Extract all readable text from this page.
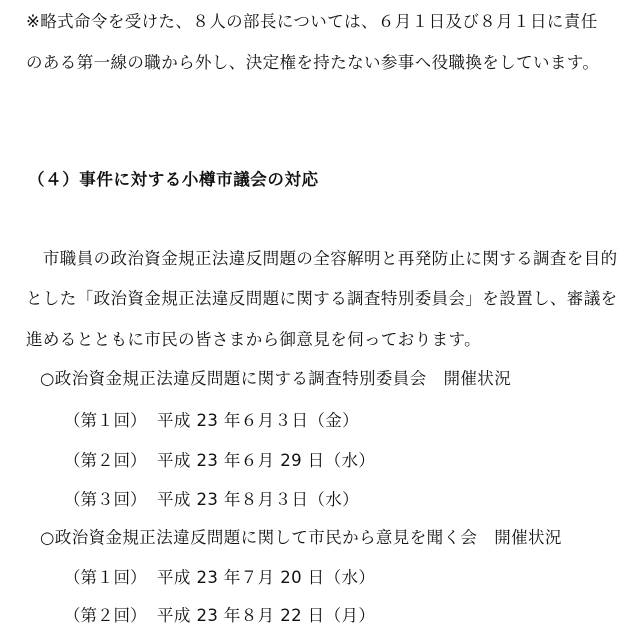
※略式命令を受けた、８人の部長については、６月１日及び８月１日に責任
のある第一線の職から外し、決定権を持たない参事へ役職換をしています。
（４）事件に対する小樽市議会の対応
　市職員の政治資金規正法違反問題の全容解明と再発防止に関する調査を目的
とした「政治資金規正法違反問題に関する調査特別委員会」を設置し、審議を
進めるとともに市民の皆さまから御意見を伺っております。
○政治資金規正法違反問題に関する調査特別委員会　開催状況
（第１回） 平成 23 年６月３日（金）
（第２回） 平成 23 年６月 29 日（水）
（第３回） 平成 23 年８月３日（水）
○政治資金規正法違反問題に関して市民から意見を聞く会　開催状況
（第１回） 平成 23 年７月 20 日（水）
（第２回） 平成 23 年８月 22 日（月）
